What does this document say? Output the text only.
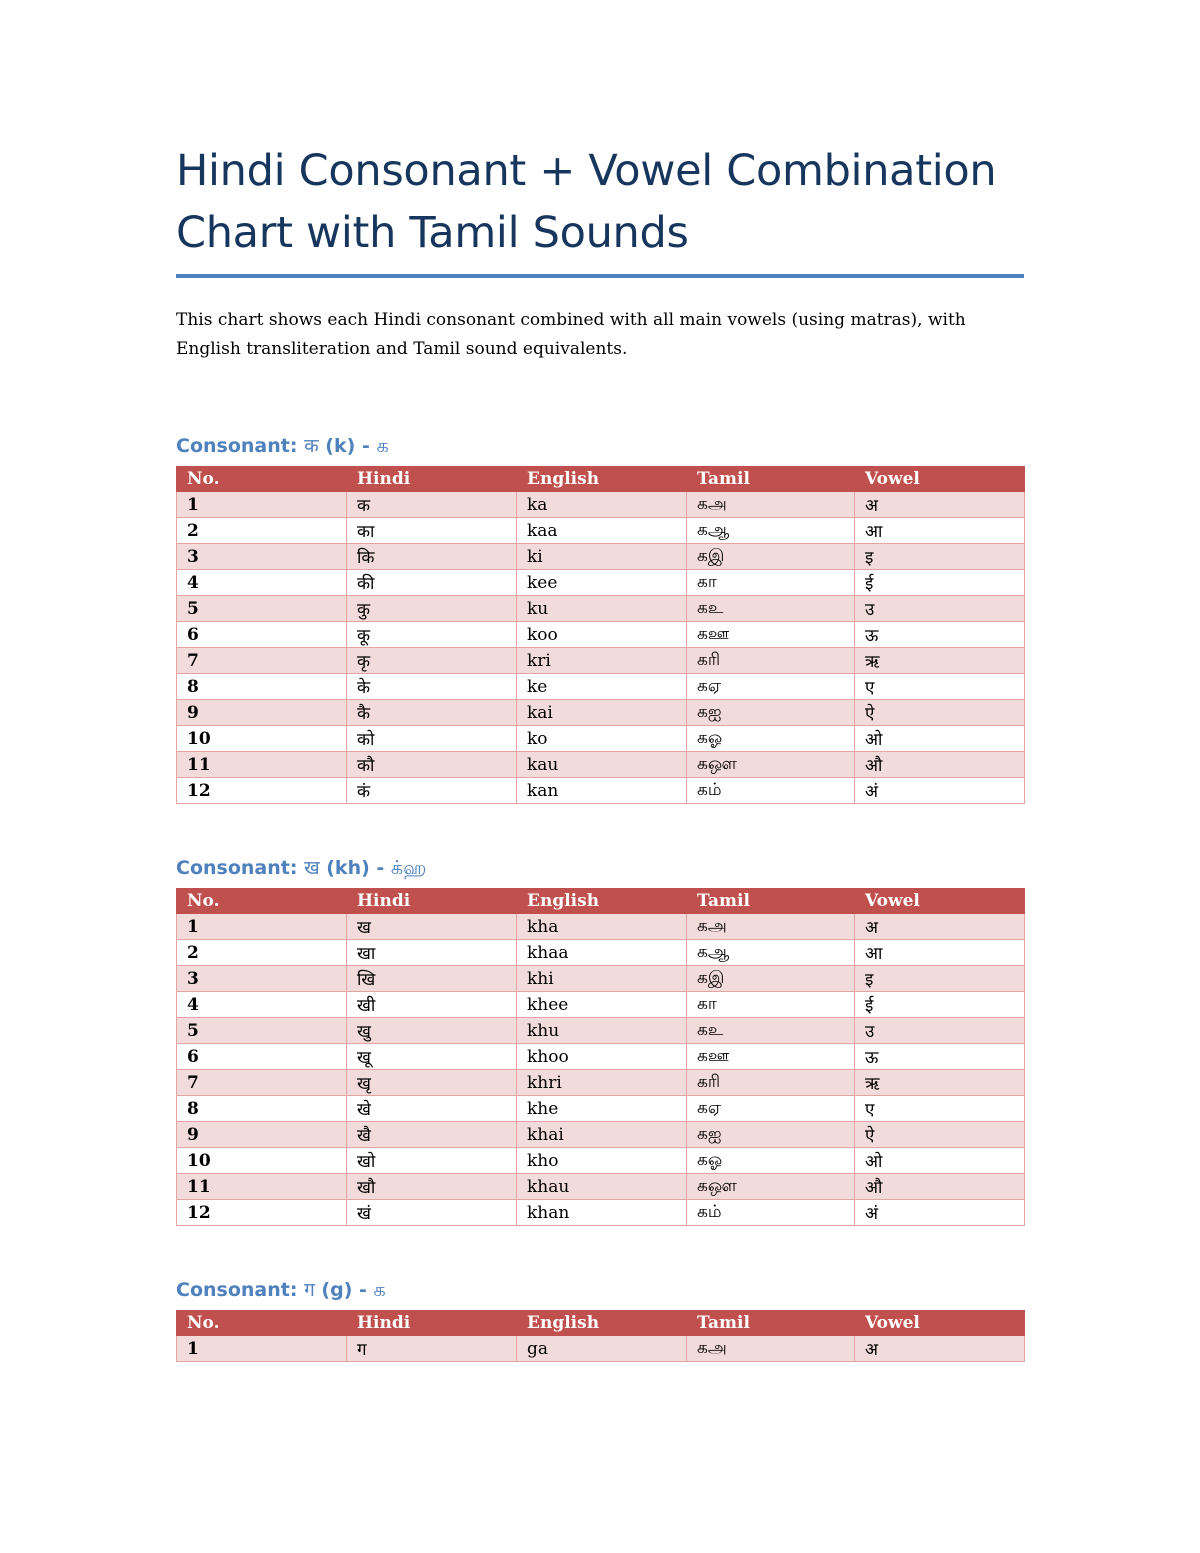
Hindi Consonant + Vowel Combination Chart with Tamil Sounds

This chart shows each Hindi consonant combined with all main vowels (using matras), with English transliteration and Tamil sound equivalents.

Consonant: क (k) - க
No.	Hindi	English	Tamil	Vowel
1	क	ka	கஅ	अ
2	का	kaa	கஆ	आ
3	कि	ki	கஇ	इ
4	की	kee	கா	ई
5	कु	ku	கஉ	उ
6	कू	koo	கஊ	ऊ
7	कृ	kri	கரி	ऋ
8	के	ke	கஏ	ए
9	कै	kai	கஐ	ऐ
10	को	ko	கஓ	ओ
11	कौ	kau	கஔ	औ
12	कं	kan	கம்	अं
Consonant: ख (kh) - க்ஹ
No.	Hindi	English	Tamil	Vowel
1	ख	kha	கஅ	अ
2	खा	khaa	கஆ	आ
3	खि	khi	கஇ	इ
4	खी	khee	கா	ई
5	खु	khu	கஉ	उ
6	खू	khoo	கஊ	ऊ
7	खृ	khri	கரி	ऋ
8	खे	khe	கஏ	ए
9	खै	khai	கஐ	ऐ
10	खो	kho	கஓ	ओ
11	खौ	khau	கஔ	औ
12	खं	khan	கம்	अं
Consonant: ग (g) - க
No.	Hindi	English	Tamil	Vowel
1	ग	ga	கஅ	अ
